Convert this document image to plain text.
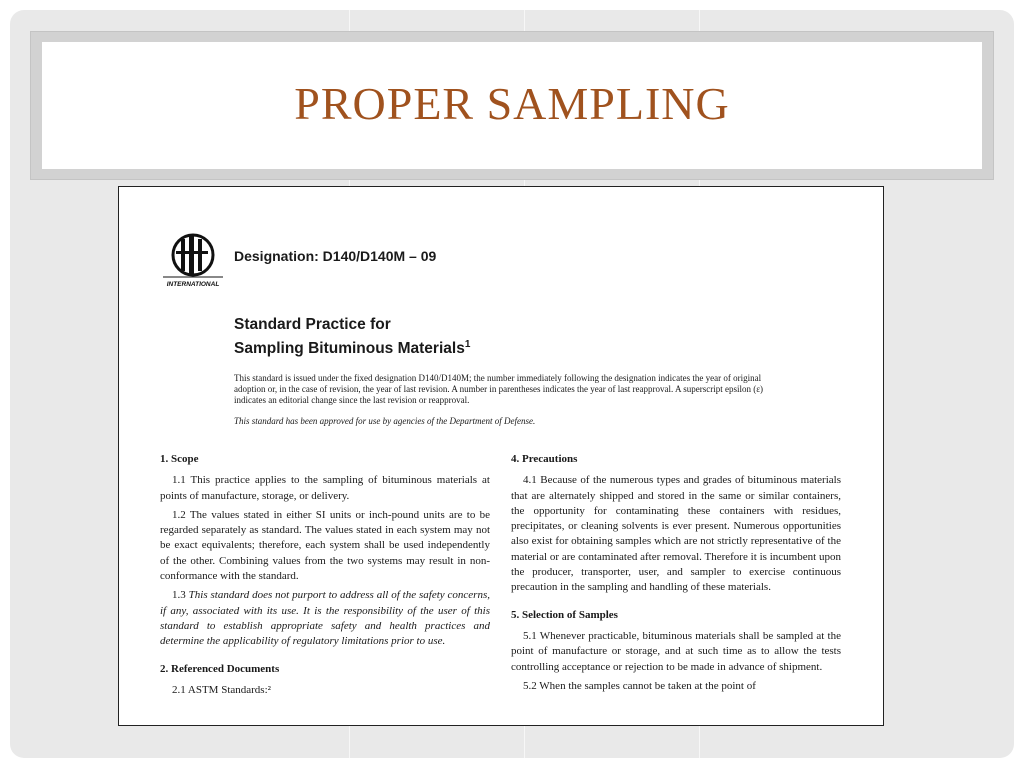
PROPER SAMPLING
INTERNATIONAL
Designation: D140/D140M – 09
Standard Practice for
Sampling Bituminous Materials$^1$
This standard is issued under the fixed designation D140/D140M; the number immediately following the designation indicates the year of original adoption or, in the case of revision, the year of last revision. A number in parentheses indicates the year of last reapproval. A superscript epsilon (ε) indicates an editorial change since the last revision or reapproval.
This standard has been approved for use by agencies of the Department of Defense.
1. Scope

1.1 This practice applies to the sampling of bituminous materials at points of manufacture, storage, or delivery.

1.2 The values stated in either SI units or inch-pound units are to be regarded separately as standard. The values stated in each system may not be exact equivalents; therefore, each system shall be used independently of the other. Combining values from the two systems may result in non-conformance with the standard.

1.3 This standard does not purport to address all of the safety concerns, if any, associated with its use. It is the responsibility of the user of this standard to establish appropriate safety and health practices and determine the applicability of regulatory limitations prior to use.

2. Referenced Documents

2.1 ASTM Standards:²

4. Precautions

4.1 Because of the numerous types and grades of bituminous materials that are alternately shipped and stored in the same or similar containers, the opportunity for contaminating these containers with residues, precipitates, or cleaning solvents is ever present. Numerous opportunities also exist for obtaining samples which are not strictly representative of the material or are contaminated after removal. Therefore it is incumbent upon the producer, transporter, user, and sampler to exercise continuous precaution in the sampling and handling of these materials.

5. Selection of Samples

5.1 Whenever practicable, bituminous materials shall be sampled at the point of manufacture or storage, and at such time as to allow the tests controlling acceptance or rejection to be made in advance of shipment.

5.2 When the samples cannot be taken at the point of
